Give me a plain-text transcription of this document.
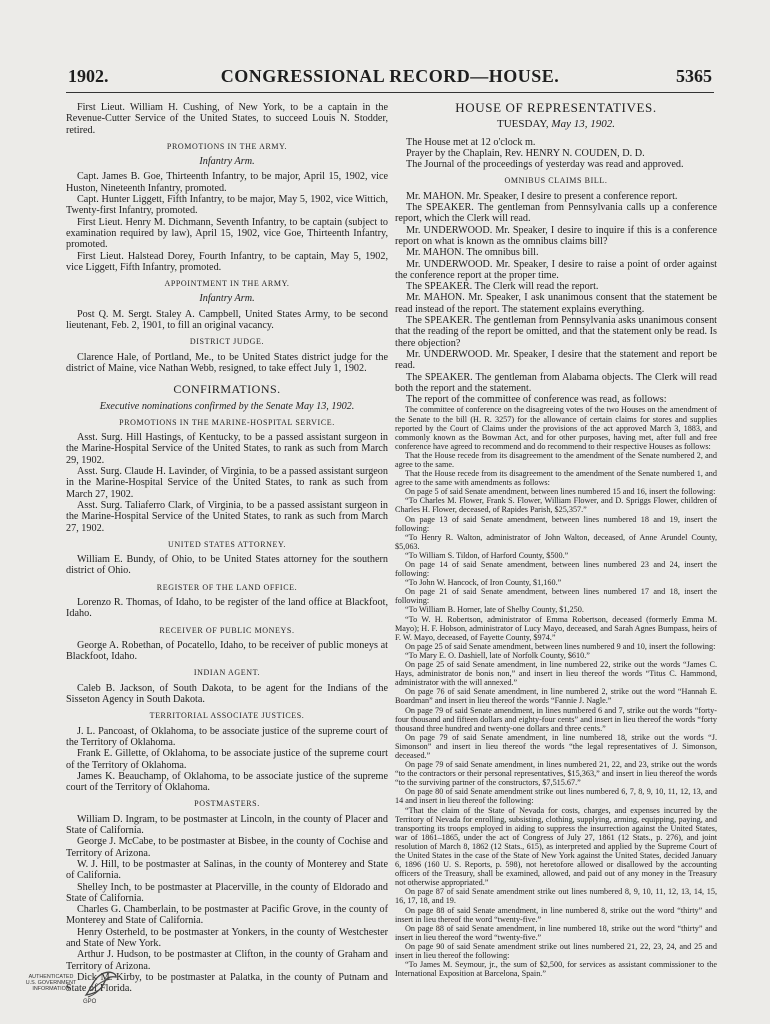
1902.	CONGRESSIONAL RECORD—HOUSE.	5365

First Lieut. William H. Cushing, of New York, to be a captain in the Revenue-Cutter Service of the United States, to succeed Louis N. Stodder, retired.

PROMOTIONS IN THE ARMY.

Infantry Arm.

Capt. James B. Goe, Thirteenth Infantry, to be major, April 15, 1902, vice Huston, Nineteenth Infantry, promoted.

Capt. Hunter Liggett, Fifth Infantry, to be major, May 5, 1902, vice Wittich, Twenty-first Infantry, promoted.

First Lieut. Henry M. Dichmann, Seventh Infantry, to be captain (subject to examination required by law), April 15, 1902, vice Goe, Thirteenth Infantry, promoted.

First Lieut. Halstead Dorey, Fourth Infantry, to be captain, May 5, 1902, vice Liggett, Fifth Infantry, promoted.

APPOINTMENT IN THE ARMY.

Infantry Arm.

Post Q. M. Sergt. Staley A. Campbell, United States Army, to be second lieutenant, Feb. 2, 1901, to fill an original vacancy.

DISTRICT JUDGE.

Clarence Hale, of Portland, Me., to be United States district judge for the district of Maine, vice Nathan Webb, resigned, to take effect July 1, 1902.

CONFIRMATIONS.

Executive nominations confirmed by the Senate May 13, 1902.

PROMOTIONS IN THE MARINE-HOSPITAL SERVICE.

Asst. Surg. Hill Hastings, of Kentucky, to be a passed assistant surgeon in the Marine-Hospital Service of the United States, to rank as such from March 29, 1902.

Asst. Surg. Claude H. Lavinder, of Virginia, to be a passed assistant surgeon in the Marine-Hospital Service of the United States, to rank as such from March 27, 1902.

Asst. Surg. Taliaferro Clark, of Virginia, to be a passed assistant surgeon in the Marine-Hospital Service of the United States, to rank as such from March 27, 1902.

UNITED STATES ATTORNEY.

William E. Bundy, of Ohio, to be United States attorney for the southern district of Ohio.

REGISTER OF THE LAND OFFICE.

Lorenzo R. Thomas, of Idaho, to be register of the land office at Blackfoot, Idaho.

RECEIVER OF PUBLIC MONEYS.

George A. Robethan, of Pocatello, Idaho, to be receiver of public moneys at Blackfoot, Idaho.

INDIAN AGENT.

Caleb B. Jackson, of South Dakota, to be agent for the Indians of the Sisseton Agency in South Dakota.

TERRITORIAL ASSOCIATE JUSTICES.

J. L. Pancoast, of Oklahoma, to be associate justice of the supreme court of the Territory of Oklahoma.

Frank E. Gillette, of Oklahoma, to be associate justice of the supreme court of the Territory of Oklahoma.

James K. Beauchamp, of Oklahoma, to be associate justice of the supreme court of the Territory of Oklahoma.

POSTMASTERS.

William D. Ingram, to be postmaster at Lincoln, in the county of Placer and State of California.

George J. McCabe, to be postmaster at Bisbee, in the county of Cochise and Territory of Arizona.

W. J. Hill, to be postmaster at Salinas, in the county of Monterey and State of California.

Shelley Inch, to be postmaster at Placerville, in the county of Eldorado and State of California.

Charles G. Chamberlain, to be postmaster at Pacific Grove, in the county of Monterey and State of California.

Henry Osterheld, to be postmaster at Yonkers, in the county of Westchester and State of New York.

Arthur J. Hudson, to be postmaster at Clifton, in the county of Graham and Territory of Arizona.

Dick M. Kirby, to be postmaster at Palatka, in the county of Putnam and State of Florida.

HOUSE OF REPRESENTATIVES.

TUESDAY, May 13, 1902.

The House met at 12 o'clock m.

Prayer by the Chaplain, Rev. HENRY N. COUDEN, D. D.

The Journal of the proceedings of yesterday was read and approved.

OMNIBUS CLAIMS BILL.

Mr. MAHON. Mr. Speaker, I desire to present a conference report.

The SPEAKER. The gentleman from Pennsylvania calls up a conference report, which the Clerk will read.

Mr. UNDERWOOD. Mr. Speaker, I desire to inquire if this is a conference report on what is known as the omnibus claims bill?

Mr. MAHON. The omnibus bill.

Mr. UNDERWOOD. Mr. Speaker, I desire to raise a point of order against the conference report at the proper time.

The SPEAKER. The Clerk will read the report.

Mr. MAHON. Mr. Speaker, I ask unanimous consent that the statement be read instead of the report. The statement explains everything.

The SPEAKER. The gentleman from Pennsylvania asks unanimous consent that the reading of the report be omitted, and that the statement only be read. Is there objection?

Mr. UNDERWOOD. Mr. Speaker, I desire that the statement and report be read.

The SPEAKER. The gentleman from Alabama objects. The Clerk will read both the report and the statement.

The report of the committee of conference was read, as follows:

The committee of conference on the disagreeing votes of the two Houses on the amendment of the Senate to the bill (H. R. 3257) for the allowance of certain claims for stores and supplies reported by the Court of Claims under the provisions of the act approved March 3, 1883, and commonly known as the Bowman Act, and for other purposes, having met, after full and free conference have agreed to recommend and do recommend to their respective Houses as follows:

That the House recede from its disagreement to the amendment of the Senate numbered 2, and agree to the same.

That the House recede from its disagreement to the amendment of the Senate numbered 1, and agree to the same with amendments as follows:

On page 5 of said Senate amendment, between lines numbered 15 and 16, insert the following:

“To Charles M. Flower, Frank S. Flower, William Flower, and D. Spriggs Flower, children of Charles H. Flower, deceased, of Rapides Parish, $25,357.”

On page 13 of said Senate amendment, between lines numbered 18 and 19, insert the following:

“To Henry R. Walton, administrator of John Walton, deceased, of Anne Arundel County, $5,063.

“To William S. Tildon, of Harford County, $500.”

On page 14 of said Senate amendment, between lines numbered 23 and 24, insert the following:

“To John W. Hancock, of Iron County, $1,160.”

On page 21 of said Senate amendment, between lines numbered 17 and 18, insert the following:

“To William B. Horner, late of Shelby County, $1,250.

“To W. H. Robertson, administrator of Emma Robertson, deceased (formerly Emma M. Mayo); H. F. Hobson, administrator of Lucy Mayo, deceased, and Sarah Agnes Bumpass, heirs of F. W. Mayo, deceased, of Fayette County, $974.”

On page 25 of said Senate amendment, between lines numbered 9 and 10, insert the following:

“To Mary E. O. Dashiell, late of Norfolk County, $610.”

On page 25 of said Senate amendment, in line numbered 22, strike out the words “James C. Hays, administrator de bonis non,” and insert in lieu thereof the words “Titus C. Hammond, administrator with the will annexed.”

On page 76 of said Senate amendment, in line numbered 2, strike out the word “Hannah E. Boardman” and insert in lieu thereof the words “Fannie J. Nagle.”

On page 79 of said Senate amendment, in lines numbered 6 and 7, strike out the words “forty-four thousand and fifteen dollars and eighty-four cents” and insert in lieu thereof the words “forty thousand three hundred and twenty-one dollars and three cents.”

On page 79 of said Senate amendment, in line numbered 18, strike out the words “J. Simonson” and insert in lieu thereof the words “the legal representatives of J. Simonson, deceased.”

On page 79 of said Senate amendment, in lines numbered 21, 22, and 23, strike out the words “to the contractors or their personal representatives, $15,363,” and insert in lieu thereof the words “to the surviving partner of the constructors, $7,515.67.”

On page 80 of said Senate amendment strike out lines numbered 6, 7, 8, 9, 10, 11, 12, 13, and 14 and insert in lieu thereof the following:

“That the claim of the State of Nevada for costs, charges, and expenses incurred by the Territory of Nevada for enrolling, subsisting, clothing, supplying, arming, equipping, paying, and transporting its troops employed in aiding to suppress the insurrection against the United States, war of 1861–1865, under the act of Congress of July 27, 1861 (12 Stats., p. 276), and joint resolution of March 8, 1862 (12 Stats., 615), as interpreted and applied by the Supreme Court of the United States in the case of the State of New York against the United States, decided January 6, 1896 (160 U. S. Reports, p. 598), not heretofore allowed or disallowed by the accounting officers of the Treasury, shall be examined, allowed, and paid out of any money in the Treasury not otherwise appropriated.”

On page 87 of said Senate amendment strike out lines numbered 8, 9, 10, 11, 12, 13, 14, 15, 16, 17, 18, and 19.

On page 88 of said Senate amendment, in line numbered 8, strike out the word “thirty” and insert in lieu thereof the word “twenty-five.”

On page 88 of said Senate amendment, in line numbered 18, strike out the word “thirty” and insert in lieu thereof the word “twenty-five.”

On page 90 of said Senate amendment strike out lines numbered 21, 22, 23, 24, and 25 and insert in lieu thereof the following:

“To James M. Seymour, jr., the sum of $2,500, for services as assistant commissioner to the International Exposition at Barcelona, Spain.”

AUTHENTICATED
U.S. GOVERNMENT
INFORMATION
GPO
